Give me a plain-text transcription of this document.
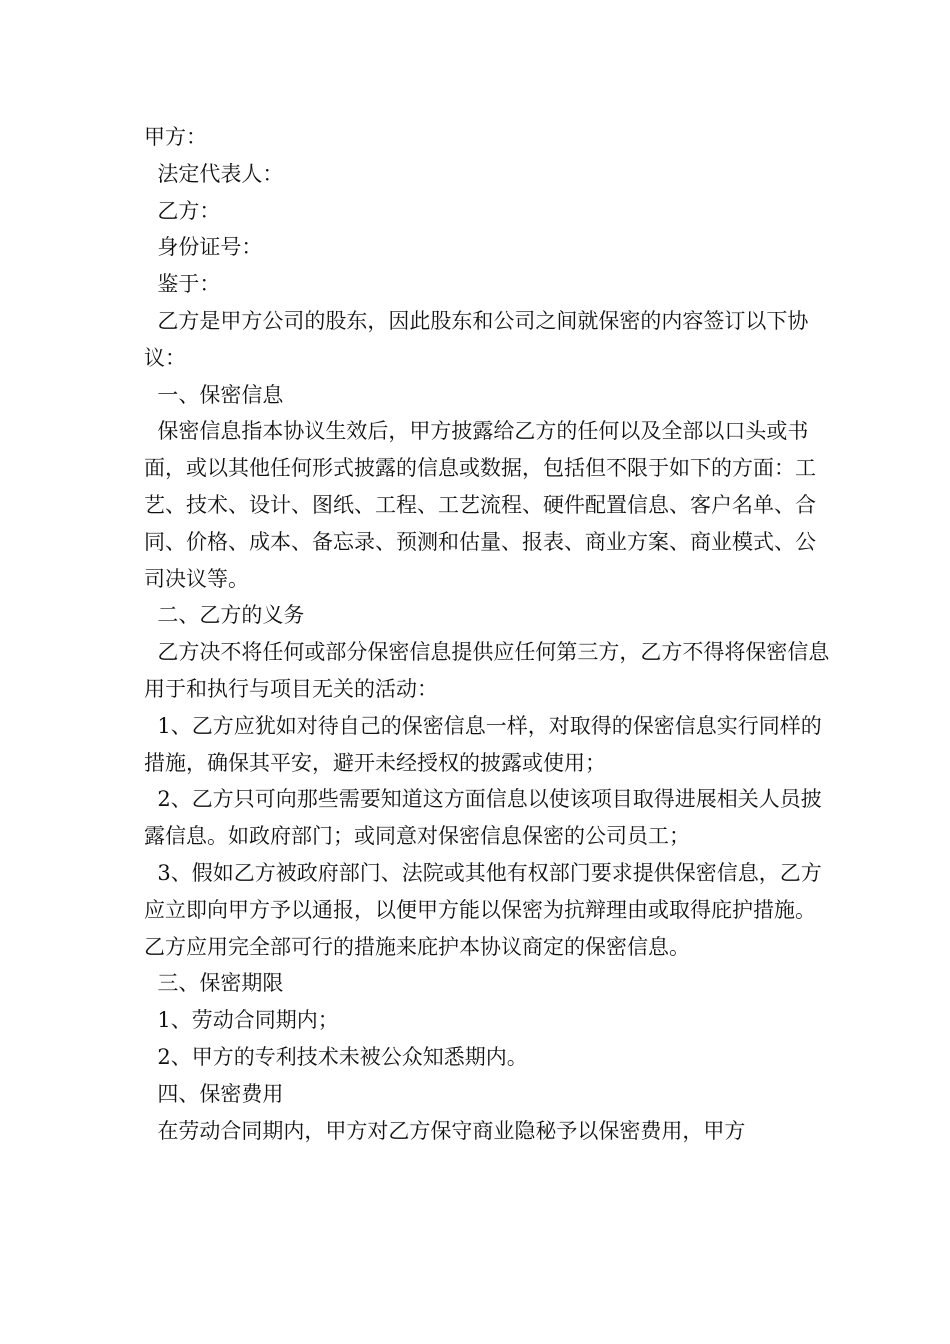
甲方：

法定代表人：

乙方：

身份证号：

鉴于：

乙方是甲方公司的股东，因此股东和公司之间就保密的内容签订以下协议：

一、保密信息

保密信息指本协议生效后，甲方披露给乙方的任何以及全部以口头或书面，或以其他任何形式披露的信息或数据，包括但不限于如下的方面：工艺、技术、设计、图纸、工程、工艺流程、硬件配置信息、客户名单、合同、价格、成本、备忘录、预测和估量、报表、商业方案、商业模式、公司决议等。

二、乙方的义务

乙方决不将任何或部分保密信息提供应任何第三方，乙方不得将保密信息用于和执行与项目无关的活动：

1、乙方应犹如对待自己的保密信息一样，对取得的保密信息实行同样的措施，确保其平安，避开未经授权的披露或使用；

2、乙方只可向那些需要知道这方面信息以使该项目取得进展相关人员披露信息。如政府部门；或同意对保密信息保密的公司员工；

3、假如乙方被政府部门、法院或其他有权部门要求提供保密信息，乙方应立即向甲方予以通报，以便甲方能以保密为抗辩理由或取得庇护措施。乙方应用完全部可行的措施来庇护本协议商定的保密信息。

三、保密期限

1、劳动合同期内；

2、甲方的专利技术未被公众知悉期内。

四、保密费用

在劳动合同期内，甲方对乙方保守商业隐秘予以保密费用，甲方
